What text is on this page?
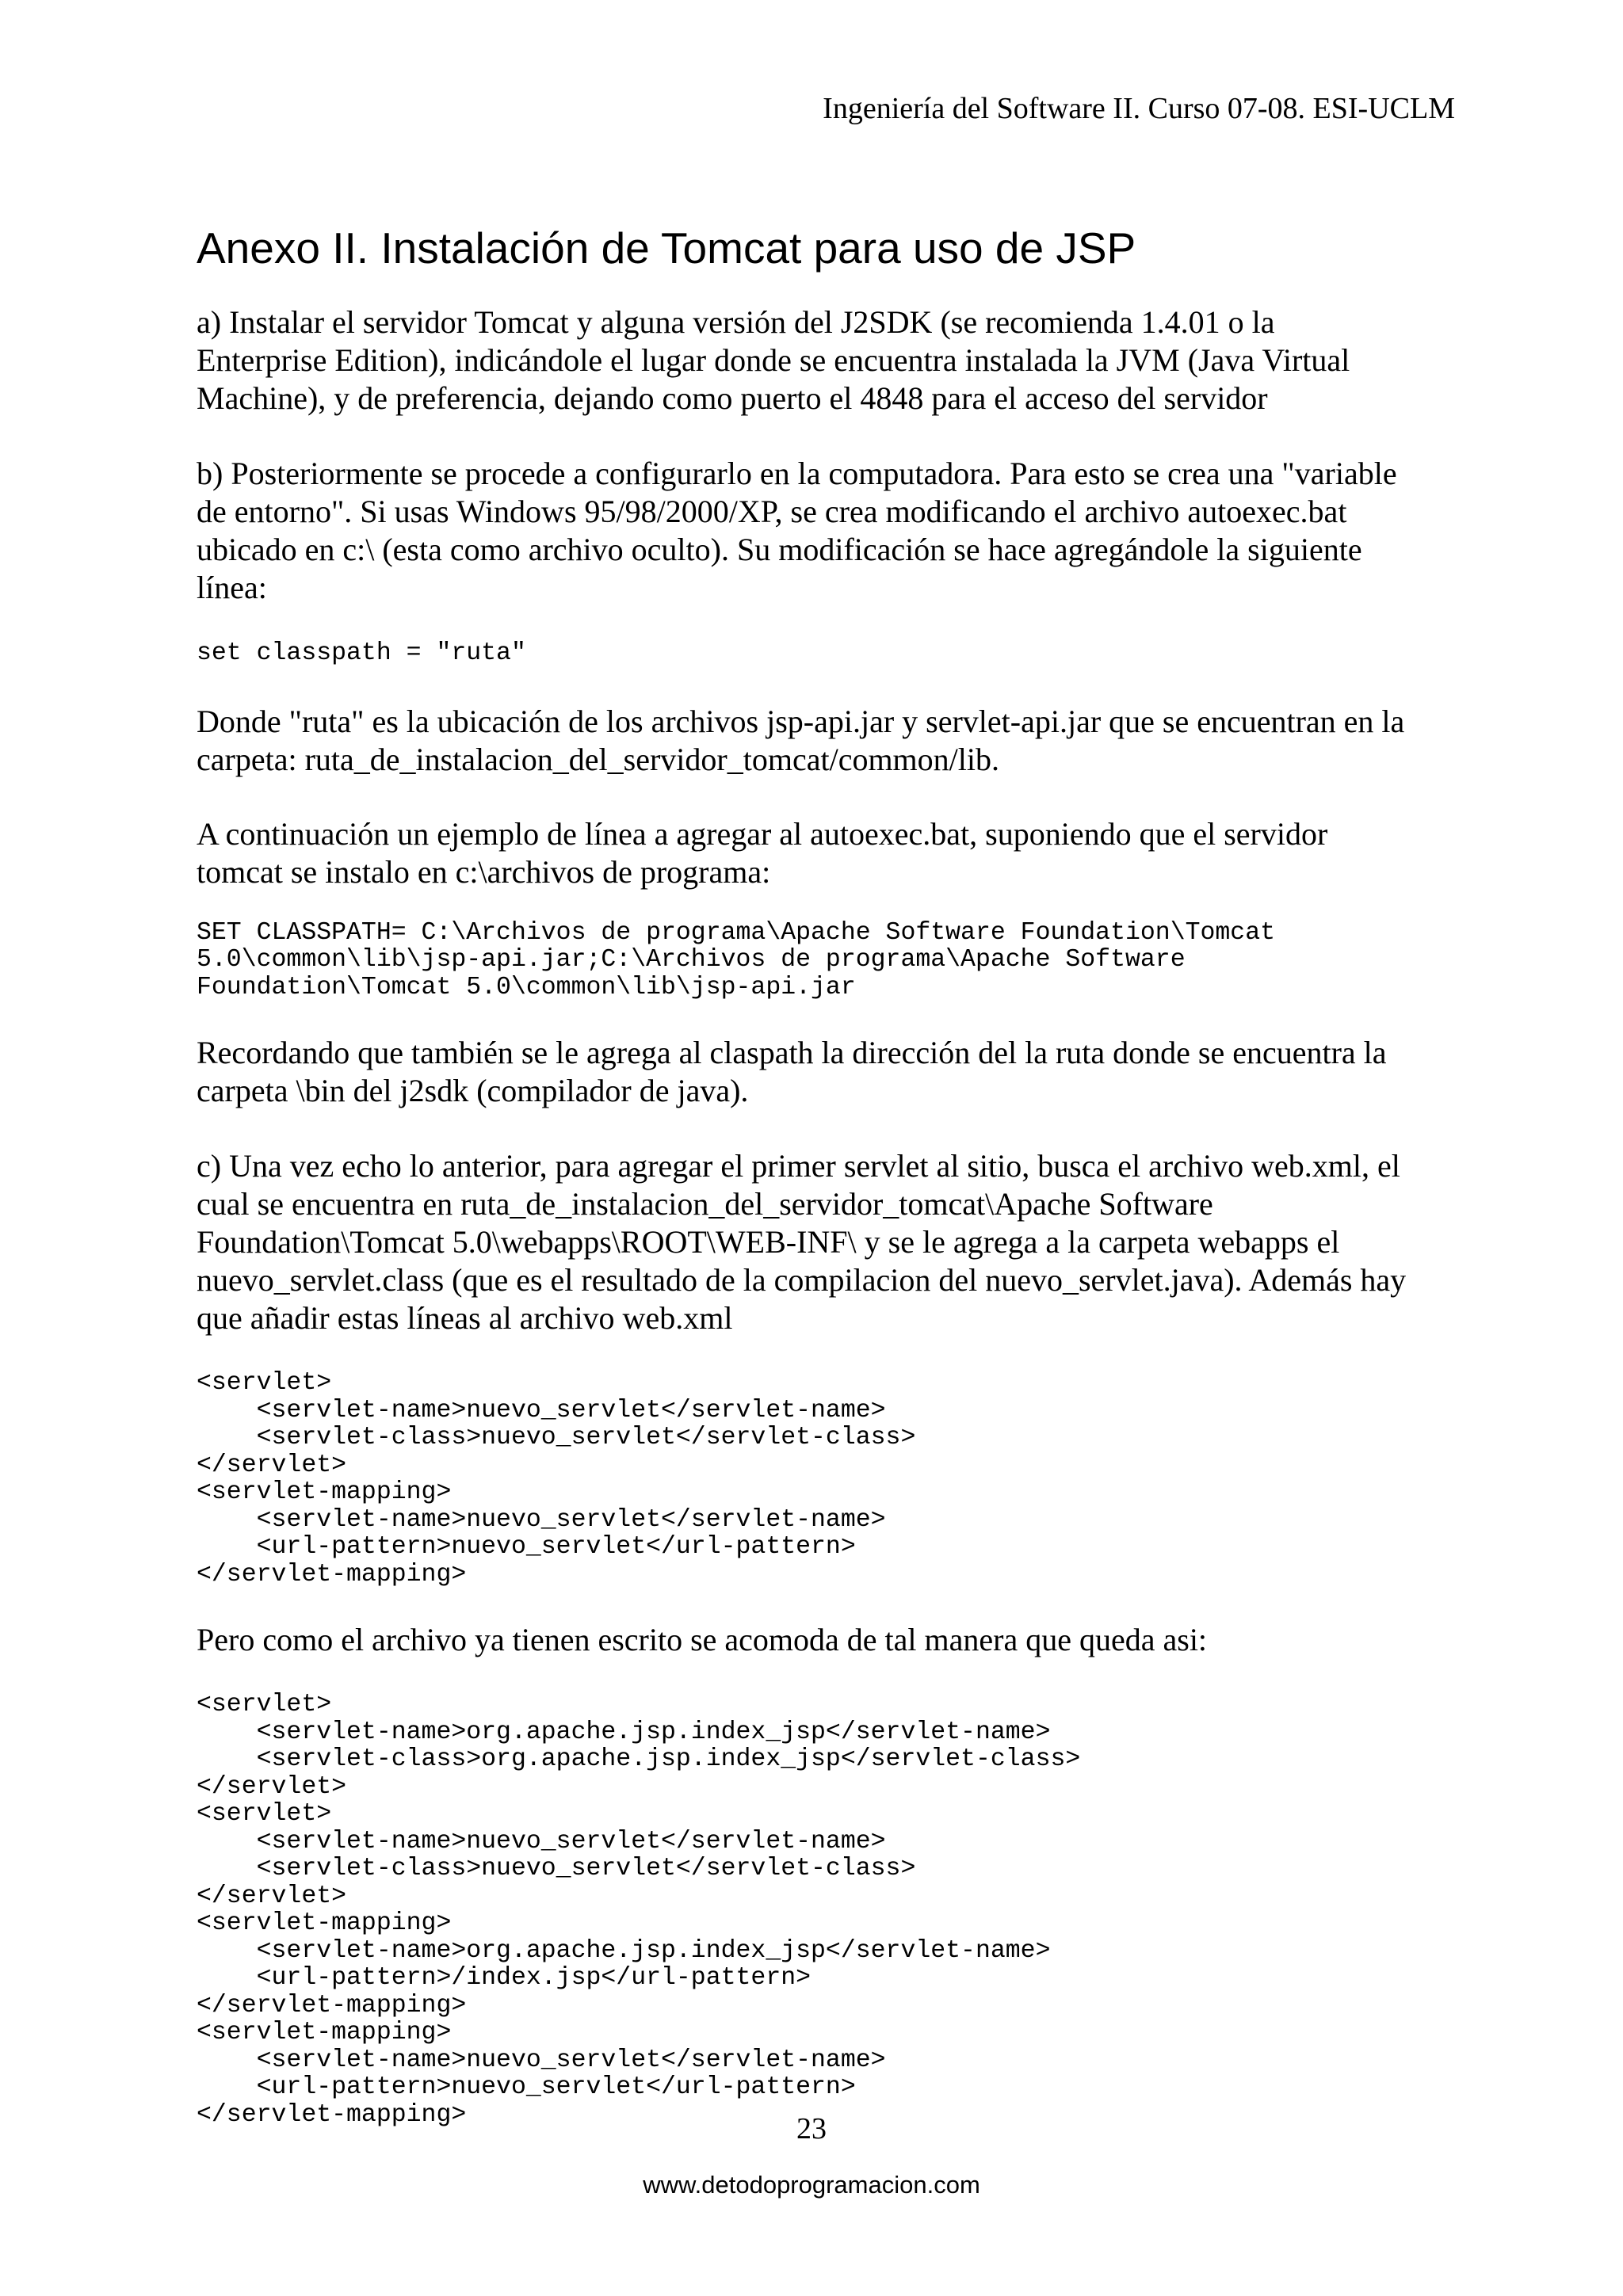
Ingeniería del Software II. Curso 07-08. ESI-UCLM
Anexo II. Instalación de Tomcat para uso de JSP

a) Instalar el servidor Tomcat y alguna versión del J2SDK (se recomienda 1.4.01 o la
Enterprise Edition), indicándole el lugar donde se encuentra instalada la JVM (Java Virtual
Machine), y de preferencia, dejando como puerto el 4848 para el acceso del servidor

b) Posteriormente se procede a configurarlo en la computadora. Para esto se crea una "variable
de entorno". Si usas Windows 95/98/2000/XP, se crea modificando el archivo autoexec.bat
ubicado en c:\ (esta como archivo oculto). Su modificación se hace agregándole la siguiente
línea:

set classpath = "ruta"

Donde "ruta" es la ubicación de los archivos jsp-api.jar y servlet-api.jar que se encuentran en la
carpeta: ruta_de_instalacion_del_servidor_tomcat/common/lib.

A continuación un ejemplo de línea a agregar al autoexec.bat, suponiendo que el servidor
tomcat se instalo en c:\archivos de programa:

SET CLASSPATH= C:\Archivos de programa\Apache Software Foundation\Tomcat
5.0\common\lib\jsp-api.jar;C:\Archivos de programa\Apache Software
Foundation\Tomcat 5.0\common\lib\jsp-api.jar

Recordando que también se le agrega al claspath la dirección del la ruta donde se encuentra la
carpeta \bin del j2sdk (compilador de java).

c) Una vez echo lo anterior, para agregar el primer servlet al sitio, busca el archivo web.xml, el
cual se encuentra en ruta_de_instalacion_del_servidor_tomcat\Apache Software
Foundation\Tomcat 5.0\webapps\ROOT\WEB-INF\ y se le agrega a la carpeta webapps el
nuevo_servlet.class (que es el resultado de la compilacion del nuevo_servlet.java). Además hay
que añadir estas líneas al archivo web.xml

<servlet>
<servlet-name>nuevo_servlet</servlet-name>
<servlet-class>nuevo_servlet</servlet-class>
</servlet>
<servlet-mapping>
<servlet-name>nuevo_servlet</servlet-name>
<url-pattern>nuevo_servlet</url-pattern>
</servlet-mapping>

Pero como el archivo ya tienen escrito se acomoda de tal manera que queda asi:

<servlet>
<servlet-name>org.apache.jsp.index_jsp</servlet-name>
<servlet-class>org.apache.jsp.index_jsp</servlet-class>
</servlet>
<servlet>
<servlet-name>nuevo_servlet</servlet-name>
<servlet-class>nuevo_servlet</servlet-class>
</servlet>
<servlet-mapping>
<servlet-name>org.apache.jsp.index_jsp</servlet-name>
<url-pattern>/index.jsp</url-pattern>
</servlet-mapping>
<servlet-mapping>
<servlet-name>nuevo_servlet</servlet-name>
<url-pattern>nuevo_servlet</url-pattern>
</servlet-mapping>	23
www.detodoprogramacion.com
